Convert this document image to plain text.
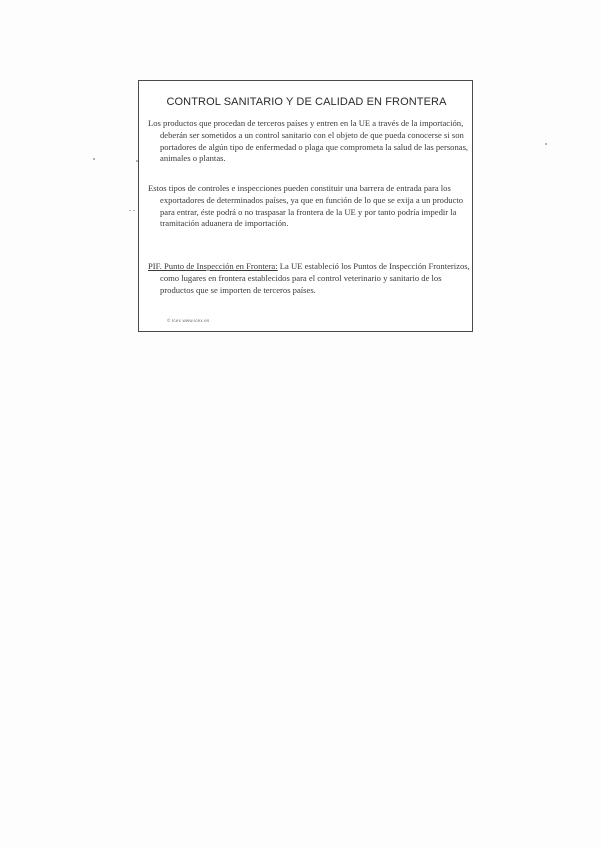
CONTROL SANITARIO Y DE CALIDAD EN FRONTERA

Los productos que procedan de terceros países y entren en la UE a través de la importación, deberán ser sometidos a un control sanitario con el objeto de que pueda conocerse si son portadores de algún tipo de enfermedad o plaga que comprometa la salud de las personas, animales o plantas.

Estos tipos de controles e inspecciones pueden constituir una barrera de entrada para los exportadores de determinados países, ya que en función de lo que se exija a un producto para entrar, éste podrá o no traspasar la frontera de la UE y por tanto podría impedir la tramitación aduanera de importación.

PIF. Punto de Inspección en Frontera: La UE estableció los Puntos de Inspección Fronterizos, como lugares en frontera establecidos para el control veterinario y sanitario de los productos que se importen de terceros países.

© Icex www.icex.es
